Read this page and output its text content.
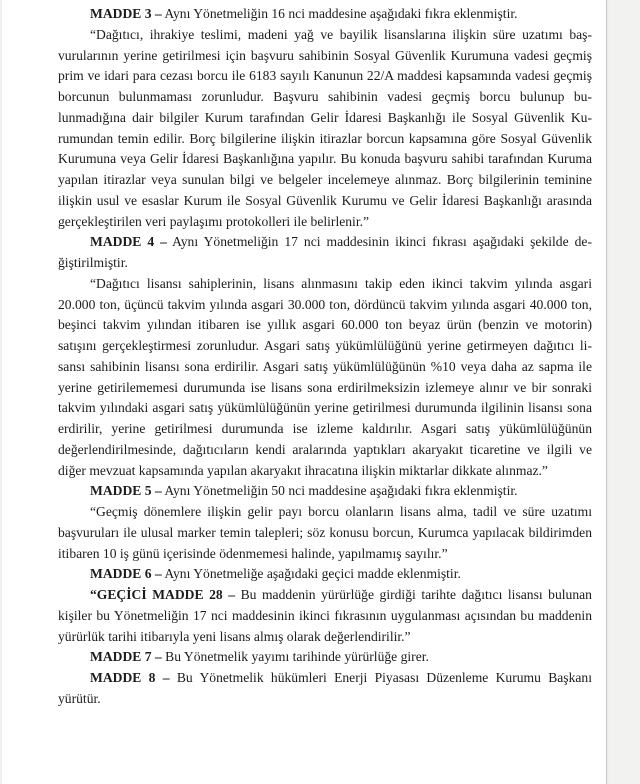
MADDE 3 – Aynı Yönetmeliğin 16 nci maddesine aşağıdaki fıkra eklenmiştir.

“Dağıtıcı, ihrakiye teslimi, madeni yağ ve bayilik lisanslarına ilişkin süre uzatımı başvurularının yerine getirilmesi için başvuru sahibinin Sosyal Güvenlik Kurumuna vadesi geçmiş prim ve idari para cezası borcu ile 6183 sayılı Kanunun 22/A maddesi kapsamında vadesi geçmiş borcunun bulunmaması zorunludur. Başvuru sahibinin vadesi geçmiş borcu bulunup bulunmadığına dair bilgiler Kurum tarafından Gelir İdaresi Başkanlığı ile Sosyal Güvenlik Kurumundan temin edilir. Borç bilgilerine ilişkin itirazlar borcun kapsamına göre Sosyal Güvenlik Kurumuna veya Gelir İdaresi Başkanlığına yapılır. Bu konuda başvuru sahibi tarafından Kuruma yapılan itirazlar veya sunulan bilgi ve belgeler incelemeye alınmaz. Borç bilgilerinin teminine ilişkin usul ve esaslar Kurum ile Sosyal Güvenlik Kurumu ve Gelir İdaresi Başkanlığı arasında gerçekleştirilen veri paylaşımı protokolleri ile belirlenir.”

MADDE 4 – Aynı Yönetmeliğin 17 nci maddesinin ikinci fıkrası aşağıdaki şekilde değiştirilmiştir.

“Dağıtıcı lisansı sahiplerinin, lisans alınmasını takip eden ikinci takvim yılında asgari 20.000 ton, üçüncü takvim yılında asgari 30.000 ton, dördüncü takvim yılında asgari 40.000 ton, beşinci takvim yılından itibaren ise yıllık asgari 60.000 ton beyaz ürün (benzin ve motorin) satışını gerçekleştirmesi zorunludur. Asgari satış yükümlülüğünü yerine getirmeyen dağıtıcı lisansı sahibinin lisansı sona erdirilir. Asgari satış yükümlülüğünün %10 veya daha az sapma ile yerine getirilememesi durumunda ise lisans sona erdirilmeksizin izlemeye alınır ve bir sonraki takvim yılındaki asgari satış yükümlülüğünün yerine getirilmesi durumunda ilgilinin lisansı sona erdirilir, yerine getirilmesi durumunda ise izleme kaldırılır. Asgari satış yükümlülüğünün değerlendirilmesinde, dağıtıcıların kendi aralarında yaptıkları akaryakıt ticaretine ve ilgili ve diğer mevzuat kapsamında yapılan akaryakıt ihracatına ilişkin miktarlar dikkate alınmaz.”

MADDE 5 – Aynı Yönetmeliğin 50 nci maddesine aşağıdaki fıkra eklenmiştir.

“Geçmiş dönemlere ilişkin gelir payı borcu olanların lisans alma, tadil ve süre uzatımı başvuruları ile ulusal marker temin talepleri; söz konusu borcun, Kurumca yapılacak bildirimden itibaren 10 iş günü içerisinde ödenmemesi halinde, yapılmamış sayılır.”

MADDE 6 – Aynı Yönetmeliğe aşağıdaki geçici madde eklenmiştir.

“GEÇİCİ MADDE 28 – Bu maddenin yürürlüğe girdiği tarihte dağıtıcı lisansı bulunan kişiler bu Yönetmeliğin 17 nci maddesinin ikinci fıkrasının uygulanması açısından bu maddenin yürürlük tarihi itibarıyla yeni lisans almış olarak değerlendirilir.”

MADDE 7 – Bu Yönetmelik yayımı tarihinde yürürlüğe girer.

MADDE 8 – Bu Yönetmelik hükümleri Enerji Piyasası Düzenleme Kurumu Başkanı yürütür.
